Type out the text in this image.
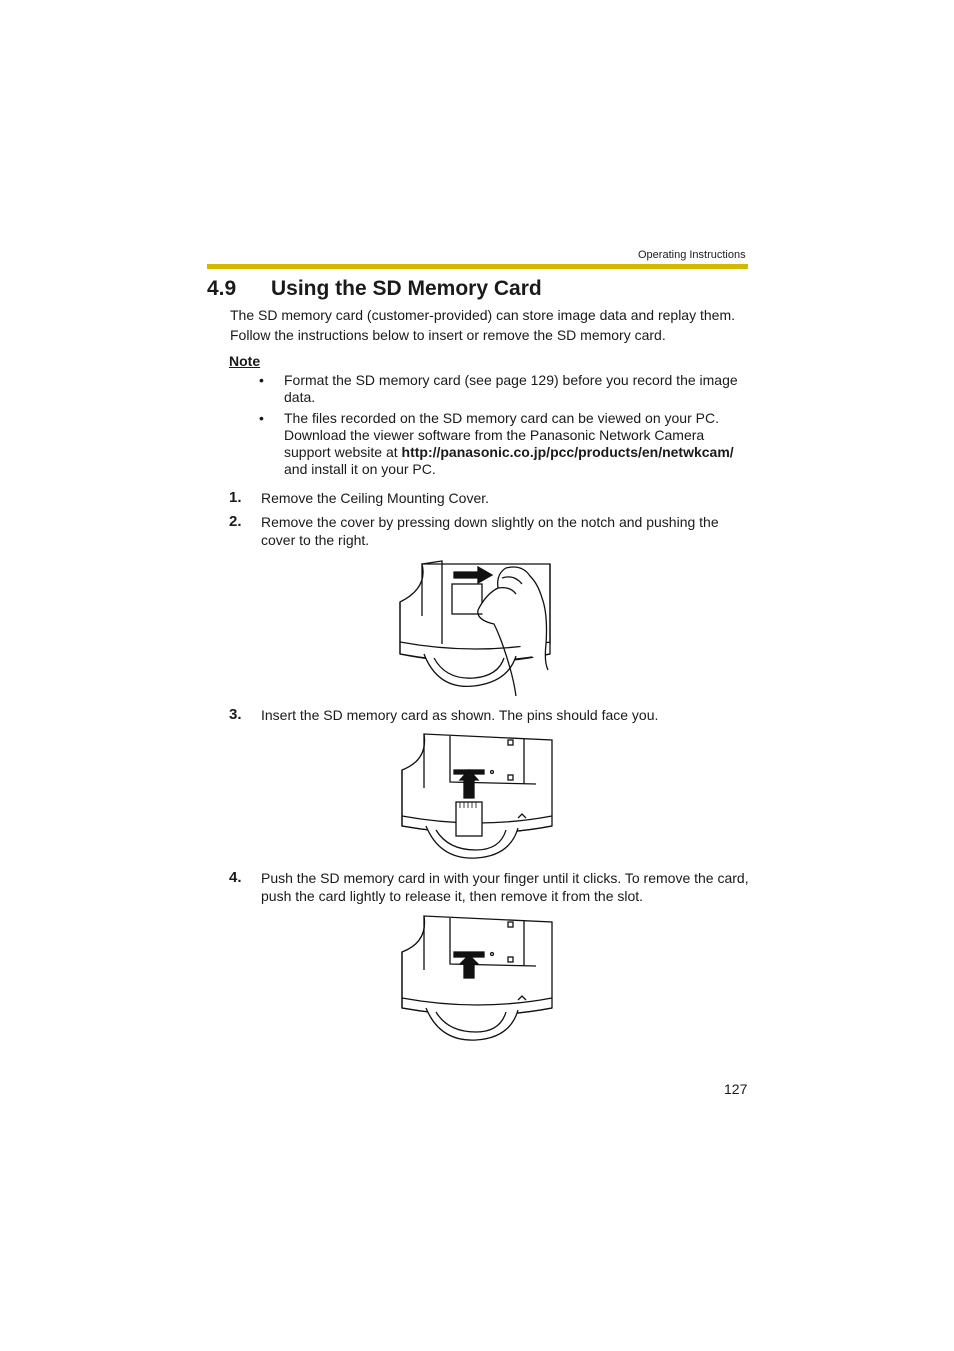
Operating Instructions
4.9 Using the SD Memory Card

The SD memory card (customer-provided) can store image data and replay them.
Follow the instructions below to insert or remove the SD memory card.

Note
• Format the SD memory card (see page 129) before you record the image data.
• The files recorded on the SD memory card can be viewed on your PC. Download the viewer software from the Panasonic Network Camera support website at http://panasonic.co.jp/pcc/products/en/netwkcam/ and install it on your PC.
1. Remove the Ceiling Mounting Cover.
2. Remove the cover by pressing down slightly on the notch and pushing the cover to the right.
3. Insert the SD memory card as shown. The pins should face you.
4. Push the SD memory card in with your finger until it clicks. To remove the card, push the card lightly to release it, then remove it from the slot.
127
